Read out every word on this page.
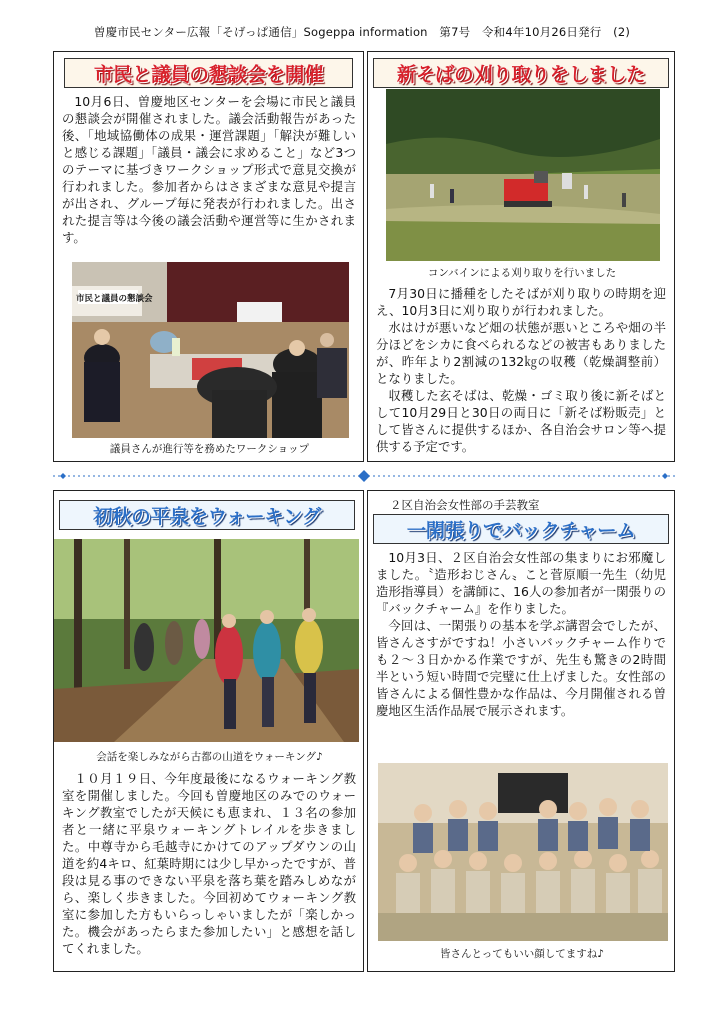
曽慶市民センター広報「そげっぱ通信」Sogeppa information　第7号　令和4年10月26日発行　(2)
市民と議員の懇談会を開催

10月6日、曽慶地区センターを会場に市民と議員の懇談会が開催されました。議会活動報告があった後、「地域協働体の成果・運営課題」「解決が難しいと感じる課題」「議員・議会に求めること」など3つのテーマに基づきワークショップ形式で意見交換が行われました。参加者からはさまざまな意見や提言が出され、グループ毎に発表が行われました。出された提言等は今後の議会活動や運営等に生かされます。

市民と議員の懇談会
議員さんが進行等を務めたワークショップ
新そばの刈り取りをしました
コンバインによる刈り取りを行いました

7月30日に播種をしたそばが刈り取りの時期を迎え、10月3日に刈り取りが行われました。

水はけが悪いなど畑の状態が悪いところや畑の半分ほどをシカに食べられるなどの被害もありましたが、昨年より2割減の132㎏の収穫（乾燥調整前）となりました。

収穫した玄そばは、乾燥・ゴミ取り後に新そばとして10月29日と30日の両日に「新そば粉販売」として皆さんに提供するほか、各自治会サロン等へ提供する予定です。

初秋の平泉をウォーキング
会話を楽しみながら古都の山道をウォーキング♪

１０月１９日、今年度最後になるウォーキング教室を開催しました。今回も曽慶地区のみでのウォーキング教室でしたが天候にも恵まれ、１３名の参加者と一緒に平泉ウォーキングトレイルを歩きました。中尊寺から毛越寺にかけてのアップダウンの山道を約4キロ、紅葉時期には少し早かったですが、普段は見る事のできない平泉を落ち葉を踏みしめながら、楽しく歩きました。今回初めてウォーキング教室に参加した方もいらっしゃいましたが「楽しかった。機会があったらまた参加したい」と感想を話してくれました。

２区自治会女性部の手芸教室
一閑張りでバックチャーム

10月3日、２区自治会女性部の集まりにお邪魔しました。〝造形おじさん〟こと菅原順一先生（幼児造形指導員）を講師に、16人の参加者が一閑張りの『バックチャーム』を作りました。

今回は、一閑張りの基本を学ぶ講習会でしたが、皆さんさすがですね！小さいバックチャーム作りでも２～３日かかる作業ですが、先生も驚きの2時間半という短い時間で完璧に仕上げました。女性部の皆さんによる個性豊かな作品は、今月開催される曽慶地区生活作品展で展示されます。

皆さんとってもいい顔してますね♪
